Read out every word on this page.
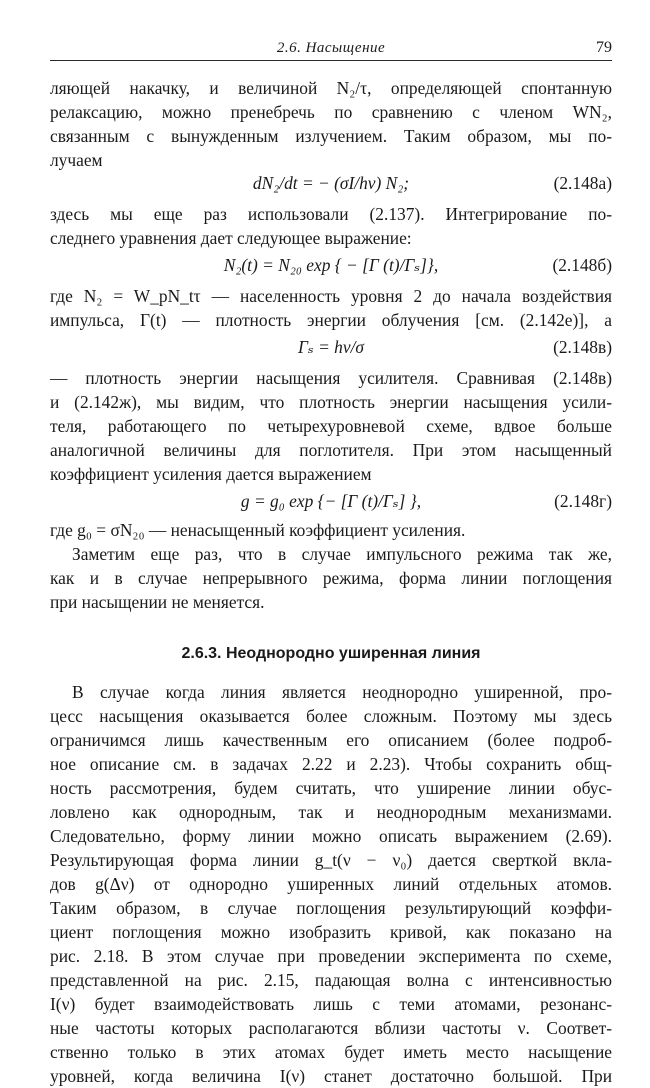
2.6. Насыщение	79

ляющей накачку, и величиной N₂/τ, определяющей спонтанную
релаксацию, можно пренебречь по сравнению с членом WN₂,
связанным с вынужденным излучением. Таким образом, мы по-
лучаем

dN₂/dt = − (σI/hν) N₂;	(2.148а)

здесь мы еще раз использовали (2.137). Интегрирование по-
следнего уравнения дает следующее выражение:

N₂(t) = N₂₀ exp { − [Γ (t)/Γₛ]},	(2.148б)

где N₂ = W_pN_tτ — населенность уровня 2 до начала воздействия
импульса, Γ(t) — плотность энергии облучения [см. (2.142е)], а

Γₛ = hν/σ	(2.148в)

— плотность энергии насыщения усилителя. Сравнивая (2.148в)
и (2.142ж), мы видим, что плотность энергии насыщения усили-
теля, работающего по четырехуровневой схеме, вдвое больше
аналогичной величины для поглотителя. При этом насыщенный
коэффициент усиления дается выражением

g = g₀ exp {− [Γ (t)/Γₛ] },	(2.148г)

где g₀ = σN₂₀ — ненасыщенный коэффициент усиления.

Заметим еще раз, что в случае импульсного режима так же,
как и в случае непрерывного режима, форма линии поглощения
при насыщении не меняется.

2.6.3. Неоднородно уширенная линия

В случае когда линия является неоднородно уширенной, про-
цесс насыщения оказывается более сложным. Поэтому мы здесь
ограничимся лишь качественным его описанием (более подроб-
ное описание см. в задачах 2.22 и 2.23). Чтобы сохранить общ-
ность рассмотрения, будем считать, что уширение линии обус-
ловлено как однородным, так и неоднородным механизмами.
Следовательно, форму линии можно описать выражением (2.69).
Результирующая форма линии g_t(ν − ν₀) дается сверткой вкла-
дов g(Δν) от однородно уширенных линий отдельных атомов.
Таким образом, в случае поглощения результирующий коэффи-
циент поглощения можно изобразить кривой, как показано на
рис. 2.18. В этом случае при проведении эксперимента по схеме,
представленной на рис. 2.15, падающая волна с интенсивностью
I(ν) будет взаимодействовать лишь с теми атомами, резонанс-
ные частоты которых располагаются вблизи частоты ν. Соответ-
ственно только в этих атомах будет иметь место насыщение
уровней, когда величина I(ν) станет достаточно большой. При
